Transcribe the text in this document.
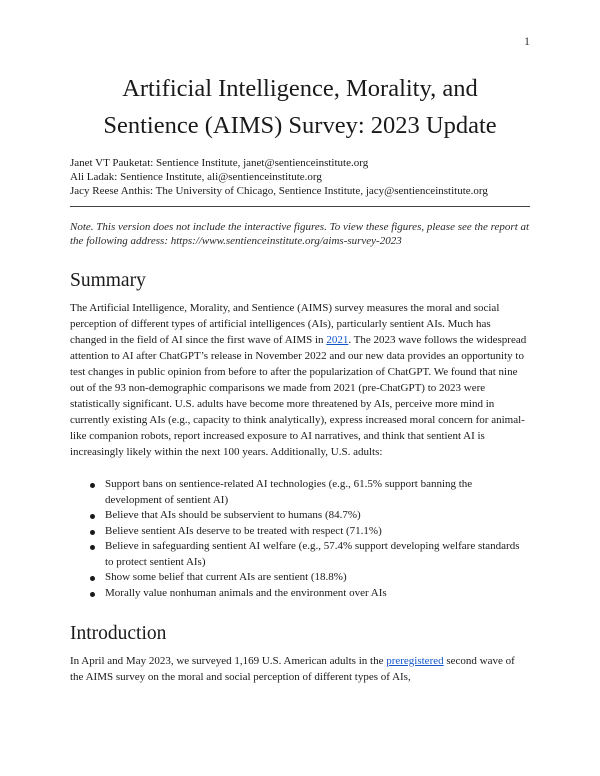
1
Artificial Intelligence, Morality, and
Sentience (AIMS) Survey: 2023 Update
Janet VT Pauketat: Sentience Institute, janet@sentienceinstitute.org
Ali Ladak: Sentience Institute, ali@sentienceinstitute.org
Jacy Reese Anthis: The University of Chicago, Sentience Institute, jacy@sentienceinstitute.org
Note. This version does not include the interactive figures. To view these figures, please see the report at the following address: https://www.sentienceinstitute.org/aims-survey-2023
Summary

The Artificial Intelligence, Morality, and Sentience (AIMS) survey measures the moral and social perception of different types of artificial intelligences (AIs), particularly sentient AIs. Much has changed in the field of AI since the first wave of AIMS in 2021. The 2023 wave follows the widespread attention to AI after ChatGPT’s release in November 2022 and our new data provides an opportunity to test changes in public opinion from before to after the popularization of ChatGPT. We found that nine out of the 93 non-demographic comparisons we made from 2021 (pre-ChatGPT) to 2023 were statistically significant. U.S. adults have become more threatened by AIs, perceive more mind in currently existing AIs (e.g., capacity to think analytically), express increased moral concern for animal-like companion robots, report increased exposure to AI narratives, and think that sentient AI is increasingly likely within the next 100 years. Additionally, U.S. adults:

Support bans on sentience-related AI technologies (e.g., 61.5% support banning the development of sentient AI)
Believe that AIs should be subservient to humans (84.7%)
Believe sentient AIs deserve to be treated with respect (71.1%)
Believe in safeguarding sentient AI welfare (e.g., 57.4% support developing welfare standards to protect sentient AIs)
Show some belief that current AIs are sentient (18.8%)
Morally value nonhuman animals and the environment over AIs
Introduction

In April and May 2023, we surveyed 1,169 U.S. American adults in the preregistered second wave of the AIMS survey on the moral and social perception of different types of AIs,
